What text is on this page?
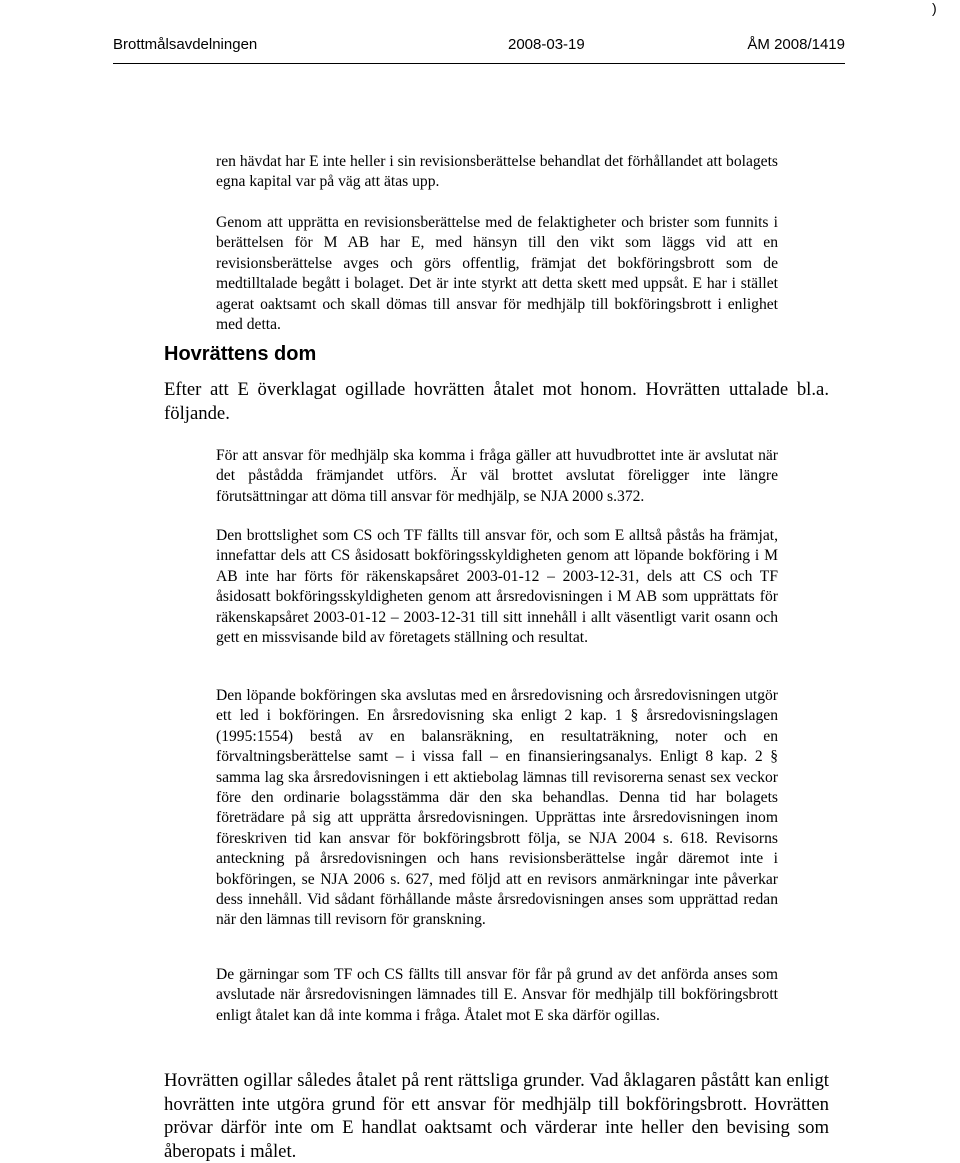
)
Brottmålsavdelningen	2008-03-19	ÅM 2008/1419

ren hävdat har E inte heller i sin revisionsberättelse behandlat det förhållandet att bolagets egna kapital var på väg att ätas upp.

Genom att upprätta en revisionsberättelse med de felaktigheter och brister som funnits i berättelsen för M AB har E, med hänsyn till den vikt som läggs vid att en revisionsberättelse avges och görs offentlig, främjat det bokföringsbrott som de medtilltalade begått i bolaget. Det är inte styrkt att detta skett med uppsåt. E har i stället agerat oaktsamt och skall dömas till ansvar för medhjälp till bokföringsbrott i enlighet med detta.

Hovrättens dom

Efter att E överklagat ogillade hovrätten åtalet mot honom. Hovrätten uttalade bl.a. följande.

För att ansvar för medhjälp ska komma i fråga gäller att huvudbrottet inte är avslutat när det påstådda främjandet utförs. Är väl brottet avslutat föreligger inte längre förutsättningar att döma till ansvar för medhjälp, se NJA 2000 s.372.

Den brottslighet som CS och TF fällts till ansvar för, och som E alltså påstås ha främjat, innefattar dels att CS åsidosatt bokföringsskyldigheten genom att löpande bokföring i M AB inte har förts för räkenskapsåret 2003-01-12 – 2003-12-31, dels att CS och TF åsidosatt bokföringsskyldigheten genom att årsredovisningen i M AB som upprättats för räkenskapsåret 2003-01-12 – 2003-12-31 till sitt innehåll i allt väsentligt varit osann och gett en missvisande bild av företagets ställning och resultat.

Den löpande bokföringen ska avslutas med en årsredovisning och årsredovisningen utgör ett led i bokföringen. En årsredovisning ska enligt 2 kap. 1 § årsredovisningslagen (1995:1554) bestå av en balansräkning, en resultaträkning, noter och en förvaltningsberättelse samt – i vissa fall – en finansieringsanalys. Enligt 8 kap. 2 § samma lag ska årsredovisningen i ett aktiebolag lämnas till revisorerna senast sex veckor före den ordinarie bolagsstämma där den ska behandlas. Denna tid har bolagets företrädare på sig att upprätta årsredovisningen. Upprättas inte årsredovisningen inom föreskriven tid kan ansvar för bokföringsbrott följa, se NJA 2004 s. 618. Revisorns anteckning på årsredovisningen och hans revisionsberättelse ingår däremot inte i bokföringen, se NJA 2006 s. 627, med följd att en revisors anmärkningar inte påverkar dess innehåll. Vid sådant förhållande måste årsredovisningen anses som upprättad redan när den lämnas till revisorn för granskning.

De gärningar som TF och CS fällts till ansvar för får på grund av det anförda anses som avslutade när årsredovisningen lämnades till E. Ansvar för medhjälp till bokföringsbrott enligt åtalet kan då inte komma i fråga. Åtalet mot E ska därför ogillas.

Hovrätten ogillar således åtalet på rent rättsliga grunder. Vad åklagaren påstått kan enligt hovrätten inte utgöra grund för ett ansvar för medhjälp till bokföringsbrott. Hovrätten prövar därför inte om E handlat oaktsamt och värderar inte heller den bevising som åberopats i målet.
